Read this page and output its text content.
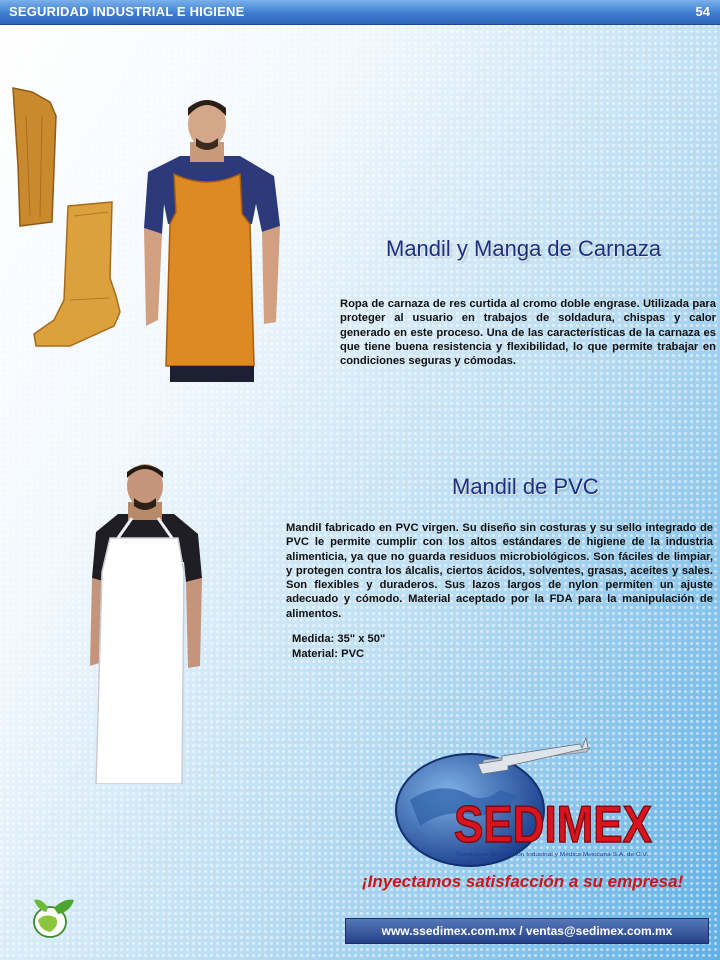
SEGURIDAD INDUSTRIAL E HIGIENE	54
Mandil y Manga de Carnaza

Ropa de carnaza de res curtida al cromo doble engrase. Utilizada para proteger al usuario en trabajos de soldadura, chispas y calor generado en este proceso. Una de las características de la carnaza es que tiene buena resistencia y flexibilidad, lo que permite trabajar en condiciones seguras y cómodas.

Mandil de PVC

Mandil fabricado en PVC virgen. Su diseño sin costuras y su sello integrado de PVC le permite cumplir con los altos estándares de higiene de la industria alimenticia, ya que no guarda residuos microbiológicos. Son fáciles de limpiar, y protegen contra los álcalis, ciertos ácidos, solventes, grasas, aceites y sales. Son flexibles y duraderos. Sus lazos largos de nylon permiten un ajuste adecuado y cómodo. Material aceptado por la FDA para la manipulación de alimentos.

Medida: 35" x 50"
Material: PVC
SEDIMEX
Servicio en Distribución Industrial y Médica Mexicana S.A. de C.V.
¡Inyectamos satisfacción a su empresa!
www.ssedimex.com.mx / ventas@sedimex.com.mx
